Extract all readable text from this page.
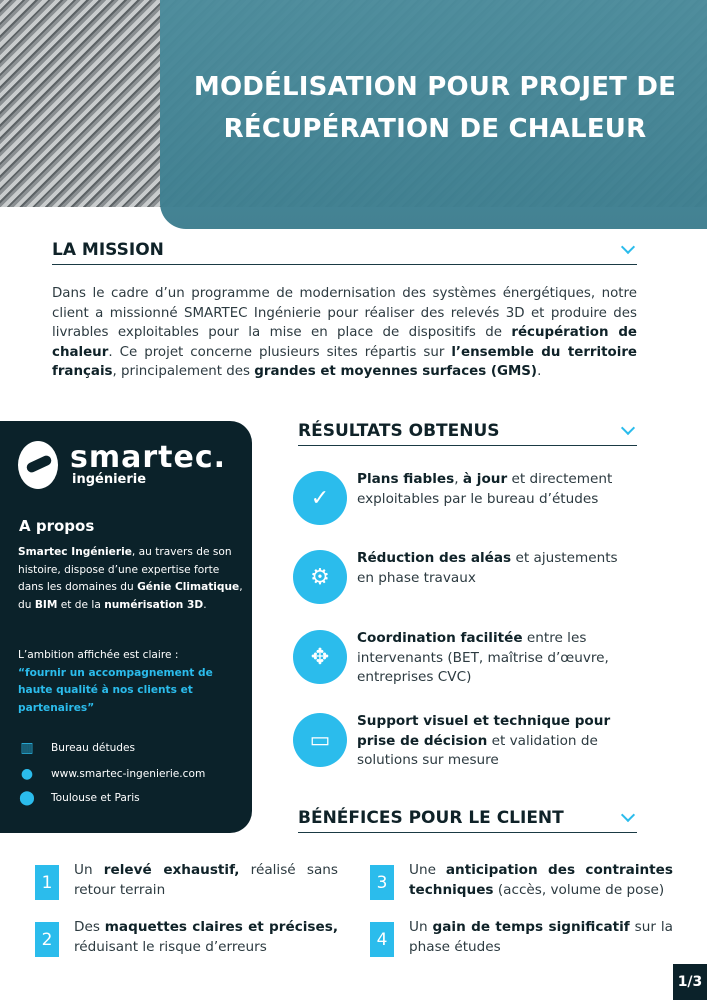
MODÉLISATION POUR PROJET DE
RÉCUPÉRATION DE CHALEUR
LA MISSION

Dans le cadre d’un programme de modernisation des systèmes énergétiques, notre client a missionné SMARTEC Ingénierie pour réaliser des relevés 3D et produire des livrables exploitables pour la mise en place de dispositifs de récupération de chaleur. Ce projet concerne plusieurs sites répartis sur l’ensemble du territoire français, principalement des grandes et moyennes surfaces (GMS).

smartec.
ingénierie
A propos

Smartec Ingénierie, au travers de son histoire, dispose d’une expertise forte dans les domaines du Génie Climatique, du BIM et de la numérisation 3D.

L’ambition affichée est claire :
“fournir un accompagnement de haute qualité à nos clients et partenaires”

▥ Bureau détudes
● www.smartec-ingenierie.com
⬤ Toulouse et Paris
RÉSULTATS OBTENUS
✓
Plans fiables, à jour et directement exploitables par le bureau d’études
⚙
Réduction des aléas et ajustements en phase travaux
✥
Coordination facilitée entre les intervenants (BET, maîtrise d’œuvre, entreprises CVC)
▭
Support visuel et technique pour prise de décision et validation de solutions sur mesure
BÉNÉFICES POUR LE CLIENT
1
Un relevé exhaustif, réalisé sans retour terrain
2
Des maquettes claires et précises, réduisant le risque d’erreurs
3
Une anticipation des contraintes techniques (accès, volume de pose)
4
Un gain de temps significatif sur la phase études
1/3
